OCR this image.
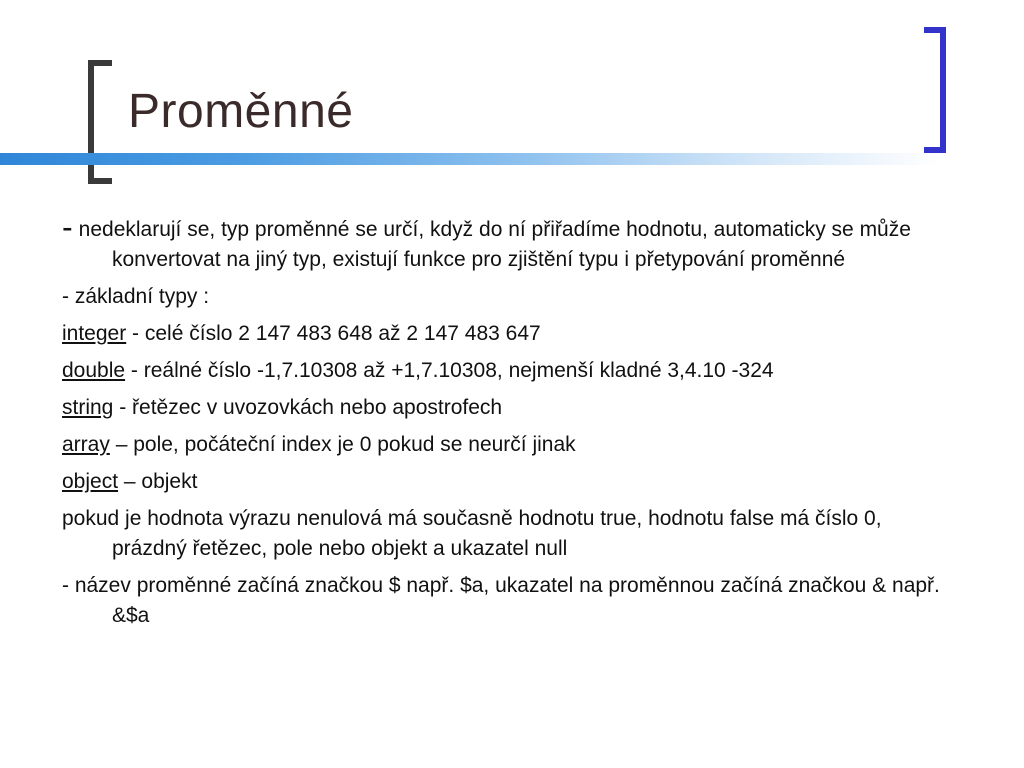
Proměnné

- nedeklarují se, typ proměnné se určí, když do ní přiřadíme hodnotu, automaticky se může konvertovat na jiný typ, existují funkce pro zjištění typu i přetypování proměnné

- základní typy :

integer - celé číslo 2 147 483 648 až 2 147 483 647

double - reálné číslo -1,7.10308 až +1,7.10308, nejmenší kladné 3,4.10 -324

string - řetězec v uvozovkách nebo apostrofech

array – pole, počáteční index je 0 pokud se neurčí jinak

object – objekt

pokud je hodnota výrazu nenulová má současně hodnotu true, hodnotu false má číslo 0, prázdný řetězec, pole nebo objekt a ukazatel null

- název proměnné začíná značkou $ např. $a, ukazatel na proměnnou začíná značkou & např. &$a
